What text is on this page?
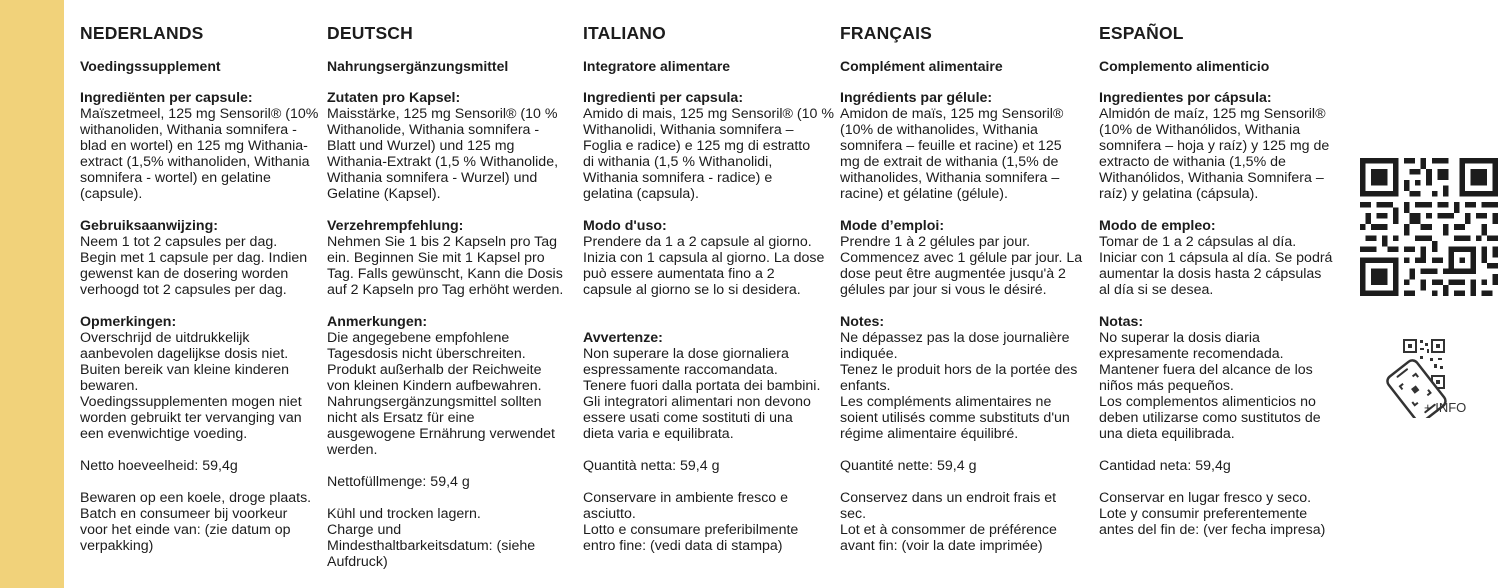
NEDERLANDS
Voedingssupplement
Ingrediënten per capsule:

Maïszetmeel, 125 mg Sensoril® (10%
withanoliden, Withania somnifera -
blad en wortel) en 125 mg Withania-
extract (1,5% withanoliden, Withania
somnifera - wortel) en gelatine
(capsule).

Gebruiksaanwijzing:

Neem 1 tot 2 capsules per dag.
Begin met 1 capsule per dag. Indien
gewenst kan de dosering worden
verhoogd tot 2 capsules per dag.

Opmerkingen:

Overschrijd de uitdrukkelijk
aanbevolen dagelijkse dosis niet.
Buiten bereik van kleine kinderen
bewaren.
Voedingssupplementen mogen niet
worden gebruikt ter vervanging van
een evenwichtige voeding.

Netto hoeveelheid: 59,4g

Bewaren op een koele, droge plaats.
Batch en consumeer bij voorkeur
voor het einde van: (zie datum op
verpakking)

DEUTSCH
Nahrungsergänzungsmittel
Zutaten pro Kapsel:

Maisstärke, 125 mg Sensoril® (10 %
Withanolide, Withania somnifera -
Blatt und Wurzel) und 125 mg
Withania-Extrakt (1,5 % Withanolide,
Withania somnifera - Wurzel) und
Gelatine (Kapsel).

Verzehrempfehlung:

Nehmen Sie 1 bis 2 Kapseln pro Tag
ein. Beginnen Sie mit 1 Kapsel pro
Tag. Falls gewünscht, Kann die Dosis
auf 2 Kapseln pro Tag erhöht werden.

Anmerkungen:

Die angegebene empfohlene
Tagesdosis nicht überschreiten.
Produkt außerhalb der Reichweite
von kleinen Kindern aufbewahren.
Nahrungsergänzungsmittel sollten
nicht als Ersatz für eine
ausgewogene Ernährung verwendet
werden.

Nettofüllmenge: 59,4 g

Kühl und trocken lagern.
Charge und
Mindesthaltbarkeitsdatum: (siehe
Aufdruck)

ITALIANO
Integratore alimentare
Ingredienti per capsula:

Amido di mais, 125 mg Sensoril® (10 %
Withanolidi, Withania somnifera –
Foglia e radice) e 125 mg di estratto
di withania (1,5 % Withanolidi,
Withania somnifera - radice) e
gelatina (capsula).

Modo d'uso:

Prendere da 1 a 2 capsule al giorno.
Inizia con 1 capsula al giorno. La dose
può essere aumentata fino a 2
capsule al giorno se lo si desidera.

Avvertenze:

Non superare la dose giornaliera
espressamente raccomandata.
Tenere fuori dalla portata dei bambini.
Gli integratori alimentari non devono
essere usati come sostituti di una
dieta varia e equilibrata.

Quantità netta: 59,4 g

Conservare in ambiente fresco e
asciutto.
Lotto e consumare preferibilmente
entro fine: (vedi data di stampa)

FRANÇAIS
Complément alimentaire
Ingrédients par gélule:

Amidon de maïs, 125 mg Sensoril®
(10% de withanolides, Withania
somnifera – feuille et racine) et 125
mg de extrait de withania (1,5% de
withanolides, Withania somnifera –
racine) et gélatine (gélule).

Mode d’emploi:

Prendre 1 à 2 gélules par jour.
Commencez avec 1 gélule par jour. La
dose peut être augmentée jusqu'à 2
gélules par jour si vous le désiré.

Notes:

Ne dépassez pas la dose journalière
indiquée.
Tenez le produit hors de la portée des
enfants.
Les compléments alimentaires ne
soient utilisés comme substituts d'un
régime alimentaire équilibré.

Quantité nette: 59,4 g

Conservez dans un endroit frais et
sec.
Lot et à consommer de préférence
avant fin: (voir la date imprimée)

ESPAÑOL
Complemento alimenticio
Ingredientes por cápsula:

Almidón de maíz, 125 mg Sensoril®
(10% de Withanólidos, Withania
somnifera – hoja y raíz) y 125 mg de
extracto de withania (1,5% de
Withanólidos, Withania Somnifera –
raíz) y gelatina (cápsula).

Modo de empleo:

Tomar de 1 a 2 cápsulas al día.
Iniciar con 1 cápsula al día. Se podrá
aumentar la dosis hasta 2 cápsulas
al día si se desea.

Notas:

No superar la dosis diaria
expresamente recomendada.
Mantener fuera del alcance de los
niños más pequeños.
Los complementos alimenticios no
deben utilizarse como sustitutos de
una dieta equilibrada.

Cantidad neta: 59,4g

Conservar en lugar fresco y seco.
Lote y consumir preferentemente
antes del fin de: (ver fecha impresa)

+ INFO
